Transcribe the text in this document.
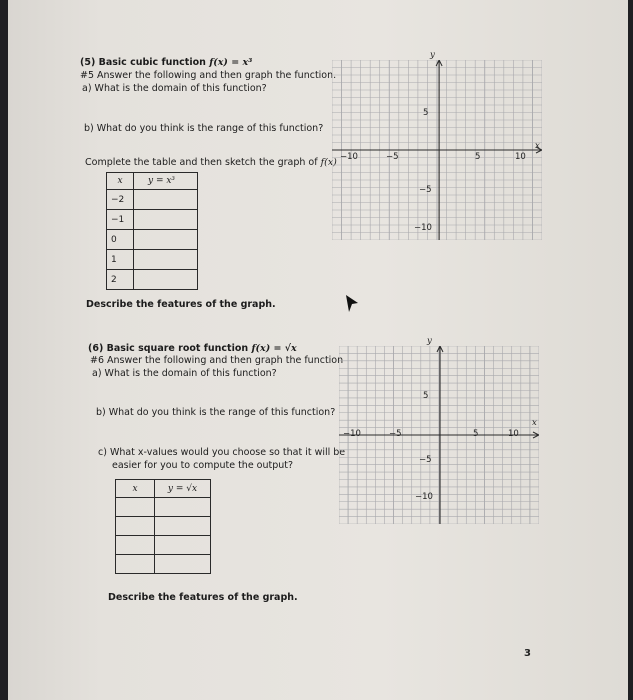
(5) Basic cubic function f(x) = x³
#5 Answer the following and then graph the function.
a) What is the domain of this function?
b) What do you think is the range of this function?
Complete the table and then sketch the graph of f(x)
x	y = x³
−2	
−1	
0	
1	
2	
Describe the features of the graph.
(6) Basic square root function f(x) = √x
#6 Answer the following and then graph the function
a) What is the domain of this function?
b) What do you think is the range of this function?
c) What x-values would you choose so that it will be
easier for you to compute the output?
x	y = √x

Describe the features of the graph.
y
x
−10	−5	5	10
5
−5
−10
y
x
−10	−5	5	10
5
−5
−10
3
